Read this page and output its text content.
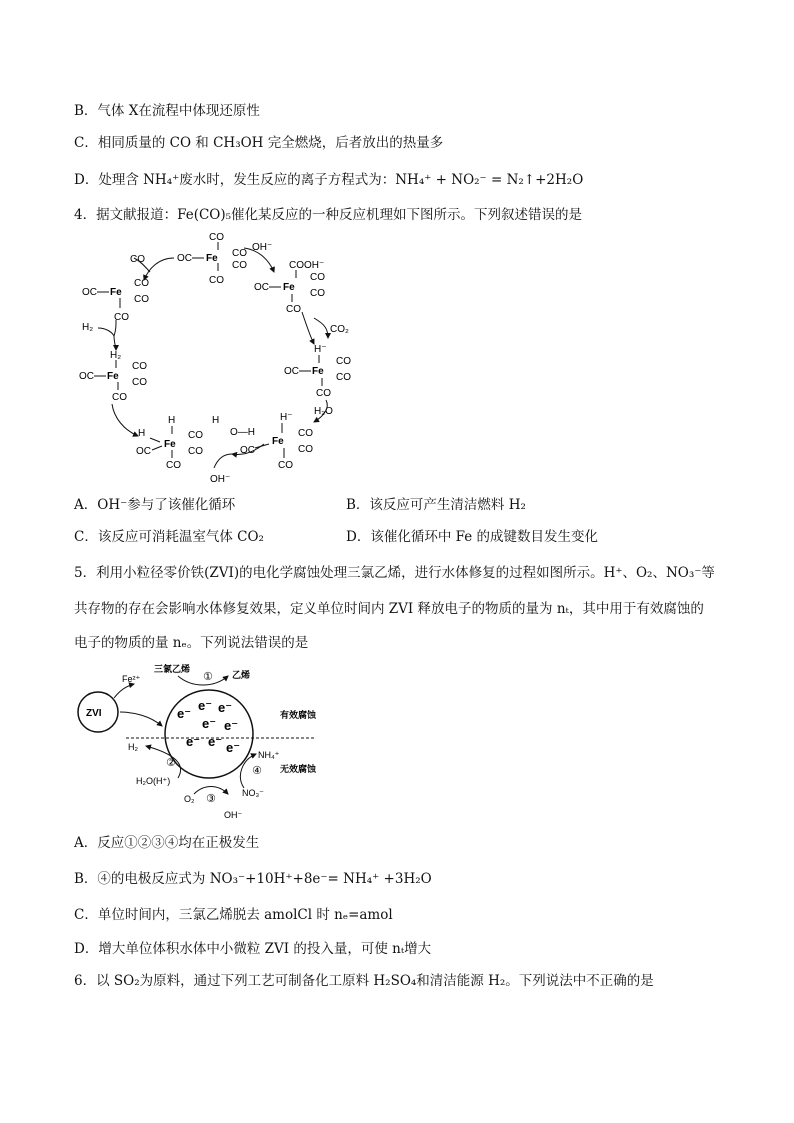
B．气体 X在流程中体现还原性
C．相同质量的 CO 和 CH₃OH 完全燃烧，后者放出的热量多
D．处理含 NH₄⁺废水时，发生反应的离子方程式为：NH₄⁺ + NO₂⁻ = N₂↑+2H₂O
4．据文献报道：Fe(CO)₅催化某反应的一种反应机理如下图所示。下列叙述错误的是
CO
OC Fe CO
CO
CO
CO
OC Fe
CO
CO
CO
OH⁻
COOH⁻
OC Fe
CO
CO
CO
H₂
H₂
OC Fe
CO
CO
CO
CO₂
H⁻
OC Fe
CO
CO
CO
H₂O
H
H
OC
Fe
CO
CO
CO
H
O—H
H⁻
OC
Fe
CO
CO
CO
OH⁻
A．OH⁻参与了该催化循环	B．该反应可产生清洁燃料 H₂
C．该反应可消耗温室气体 CO₂	D．该催化循环中 Fe 的成键数目发生变化
5．利用小粒径零价铁(ZVI)的电化学腐蚀处理三氯乙烯，进行水体修复的过程如图所示。H⁺、O₂、NO₃⁻等
共存物的存在会影响水体修复效果，定义单位时间内 ZVI 释放电子的物质的量为 nₜ，其中用于有效腐蚀的
电子的物质的量 nₑ。下列说法错误的是
ZVI
Fe²⁺
e⁻
e⁻ e⁻
e⁻ e⁻
e⁻ e⁻ e⁻
三氯乙烯
乙烯
①
有效腐蚀
无效腐蚀
H₂
H₂O(H⁺)
②
O₂
OH⁻
③	NO₃⁻
NH₄⁺
④
A．反应①②③④均在正极发生
B．④的电极反应式为 NO₃⁻+10H⁺+8e⁻= NH₄⁺ +3H₂O
C．单位时间内，三氯乙烯脱去 amolCl 时 nₑ=amol
D．增大单位体积水体中小微粒 ZVI 的投入量，可使 nₜ增大
6．以 SO₂为原料，通过下列工艺可制备化工原料 H₂SO₄和清洁能源 H₂。下列说法中不正确的是
